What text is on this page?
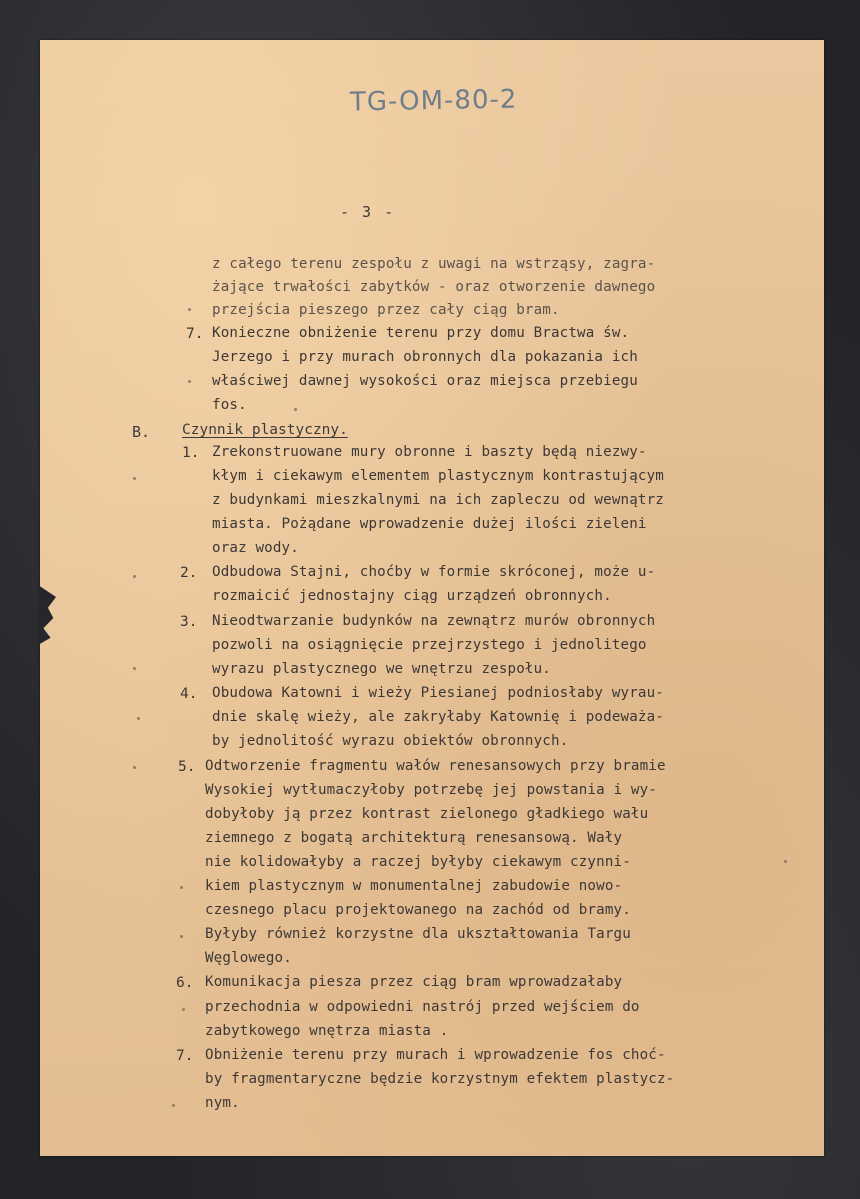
TG-OM-80-2
- 3 -
z całego terenu zespołu z uwagi na wstrząsy, zagra-
żające trwałości zabytków - oraz otworzenie dawnego
przejścia pieszego przez cały ciąg bram.
7. Konieczne obniżenie terenu przy domu Bractwa św.
Jerzego i przy murach obronnych dla pokazania ich
właściwej dawnej wysokości oraz miejsca przebiegu
fos.
B. Czynnik plastyczny.
1. Zrekonstruowane mury obronne i baszty będą niezwy-
kłym i ciekawym elementem plastycznym kontrastującym
z budynkami mieszkalnymi na ich zapleczu od wewnątrz
miasta. Pożądane wprowadzenie dużej ilości zieleni
oraz wody.
2. Odbudowa Stajni, choćby w formie skróconej, może u-
rozmaicić jednostajny ciąg urządzeń obronnych.
3. Nieodtwarzanie budynków na zewnątrz murów obronnych
pozwoli na osiągnięcie przejrzystego i jednolitego
wyrazu plastycznego we wnętrzu zespołu.
4. Obudowa Katowni i wieży Piesianej podniosłaby wyrau-
dnie skalę wieży, ale zakryłaby Katownię i podeważa-
by jednolitość wyrazu obiektów obronnych.
5. Odtworzenie fragmentu wałów renesansowych przy bramie
Wysokiej wytłumaczyłoby potrzebę jej powstania i wy-
dobyłoby ją przez kontrast zielonego gładkiego wału
ziemnego z bogatą architekturą renesansową. Wały
nie kolidowałyby a raczej byłyby ciekawym czynni-
kiem plastycznym w monumentalnej zabudowie nowo-
czesnego placu projektowanego na zachód od bramy.
Byłyby również korzystne dla ukształtowania Targu
Węglowego.
6. Komunikacja piesza przez ciąg bram wprowadzałaby
przechodnia w odpowiedni nastrój przed wejściem do
zabytkowego wnętrza miasta .
7. Obniżenie terenu przy murach i wprowadzenie fos choć-
by fragmentaryczne będzie korzystnym efektem plastycz-
nym.
